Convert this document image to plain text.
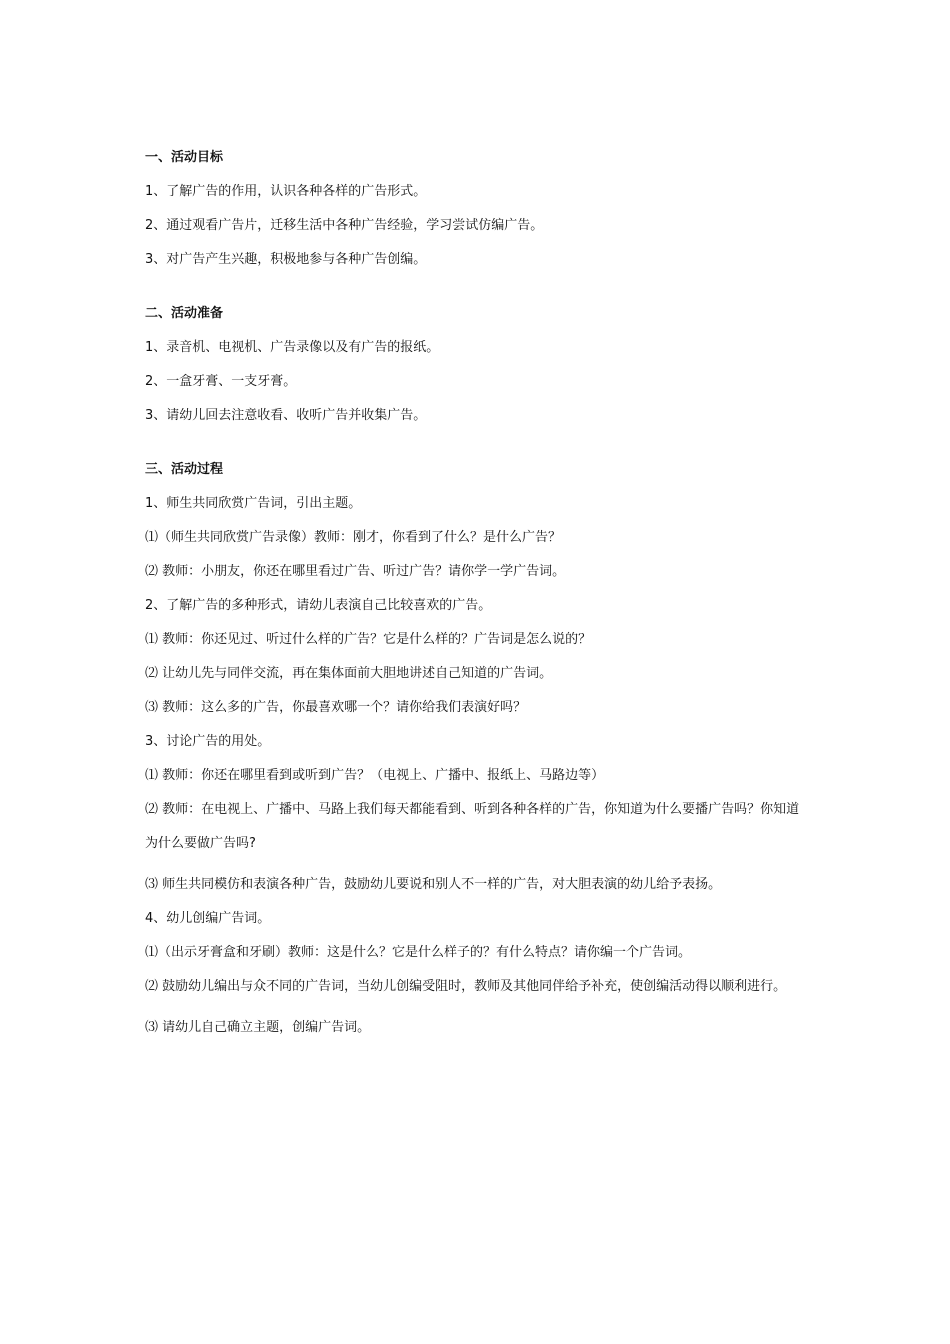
一、活动目标

1、了解广告的作用，认识各种各样的广告形式。

2、通过观看广告片，迁移生活中各种广告经验，学习尝试仿编广告。

3、对广告产生兴趣，积极地参与各种广告创编。

二、活动准备

1、录音机、电视机、广告录像以及有广告的报纸。

2、一盒牙膏、一支牙膏。

3、请幼儿回去注意收看、收听广告并收集广告。

三、活动过程

1、师生共同欣赏广告词，引出主题。

⑴（师生共同欣赏广告录像）教师：刚才，你看到了什么？是什么广告？

⑵ 教师：小朋友，你还在哪里看过广告、听过广告？请你学一学广告词。

2、了解广告的多种形式，请幼儿表演自己比较喜欢的广告。

⑴ 教师：你还见过、听过什么样的广告？它是什么样的？广告词是怎么说的？

⑵ 让幼儿先与同伴交流，再在集体面前大胆地讲述自己知道的广告词。

⑶ 教师：这么多的广告，你最喜欢哪一个？请你给我们表演好吗？

3、讨论广告的用处。

⑴ 教师：你还在哪里看到或听到广告？（电视上、广播中、报纸上、马路边等）

⑵ 教师：在电视上、广播中、马路上我们每天都能看到、听到各种各样的广告，你知道为什么要播广告吗？你知道为什么要做广告吗?

⑶ 师生共同模仿和表演各种广告，鼓励幼儿要说和别人不一样的广告，对大胆表演的幼儿给予表扬。

4、幼儿创编广告词。

⑴（出示牙膏盒和牙刷）教师：这是什么？它是什么样子的？有什么特点？请你编一个广告词。

⑵ 鼓励幼儿编出与众不同的广告词，当幼儿创编受阻时，教师及其他同伴给予补充，使创编活动得以顺利进行。

⑶ 请幼儿自己确立主题，创编广告词。
